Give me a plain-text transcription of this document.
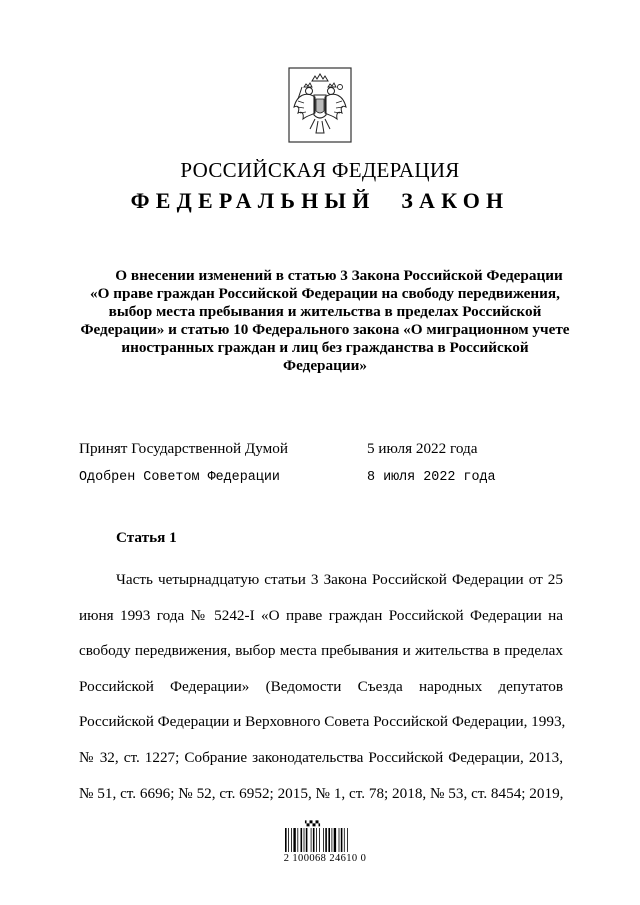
РОССИЙСКАЯ ФЕДЕРАЦИЯ
ФЕДЕРАЛЬНЫЙ ЗАКОН
О внесении изменений в статью 3 Закона Российской Федерации
«О праве граждан Российской Федерации на свободу передвижения,
выбор места пребывания и жительства в пределах Российской
Федерации» и статью 10 Федерального закона «О миграционном учете
иностранных граждан и лиц без гражданства в Российской
Федерации»
Принят Государственной Думой	5 июля 2022 года
Одобрен Советом Федерации	8 июля 2022 года
Статья 1
Часть четырнадцатую статьи 3 Закона Российской Федерации от 25
июня 1993 года № 5242-I «О праве граждан Российской Федерации на
свободу передвижения, выбор места пребывания и жительства в пределах
Российской Федерации» (Ведомости Съезда народных депутатов
Российской Федерации и Верховного Совета Российской Федерации, 1993,
№ 32, ст. 1227; Собрание законодательства Российской Федерации, 2013,
№ 51, ст. 6696; № 52, ст. 6952; 2015, № 1, ст. 78; 2018, № 53, ст. 8454; 2019,
▚▞▚▞▚
2 100068 24610 0
